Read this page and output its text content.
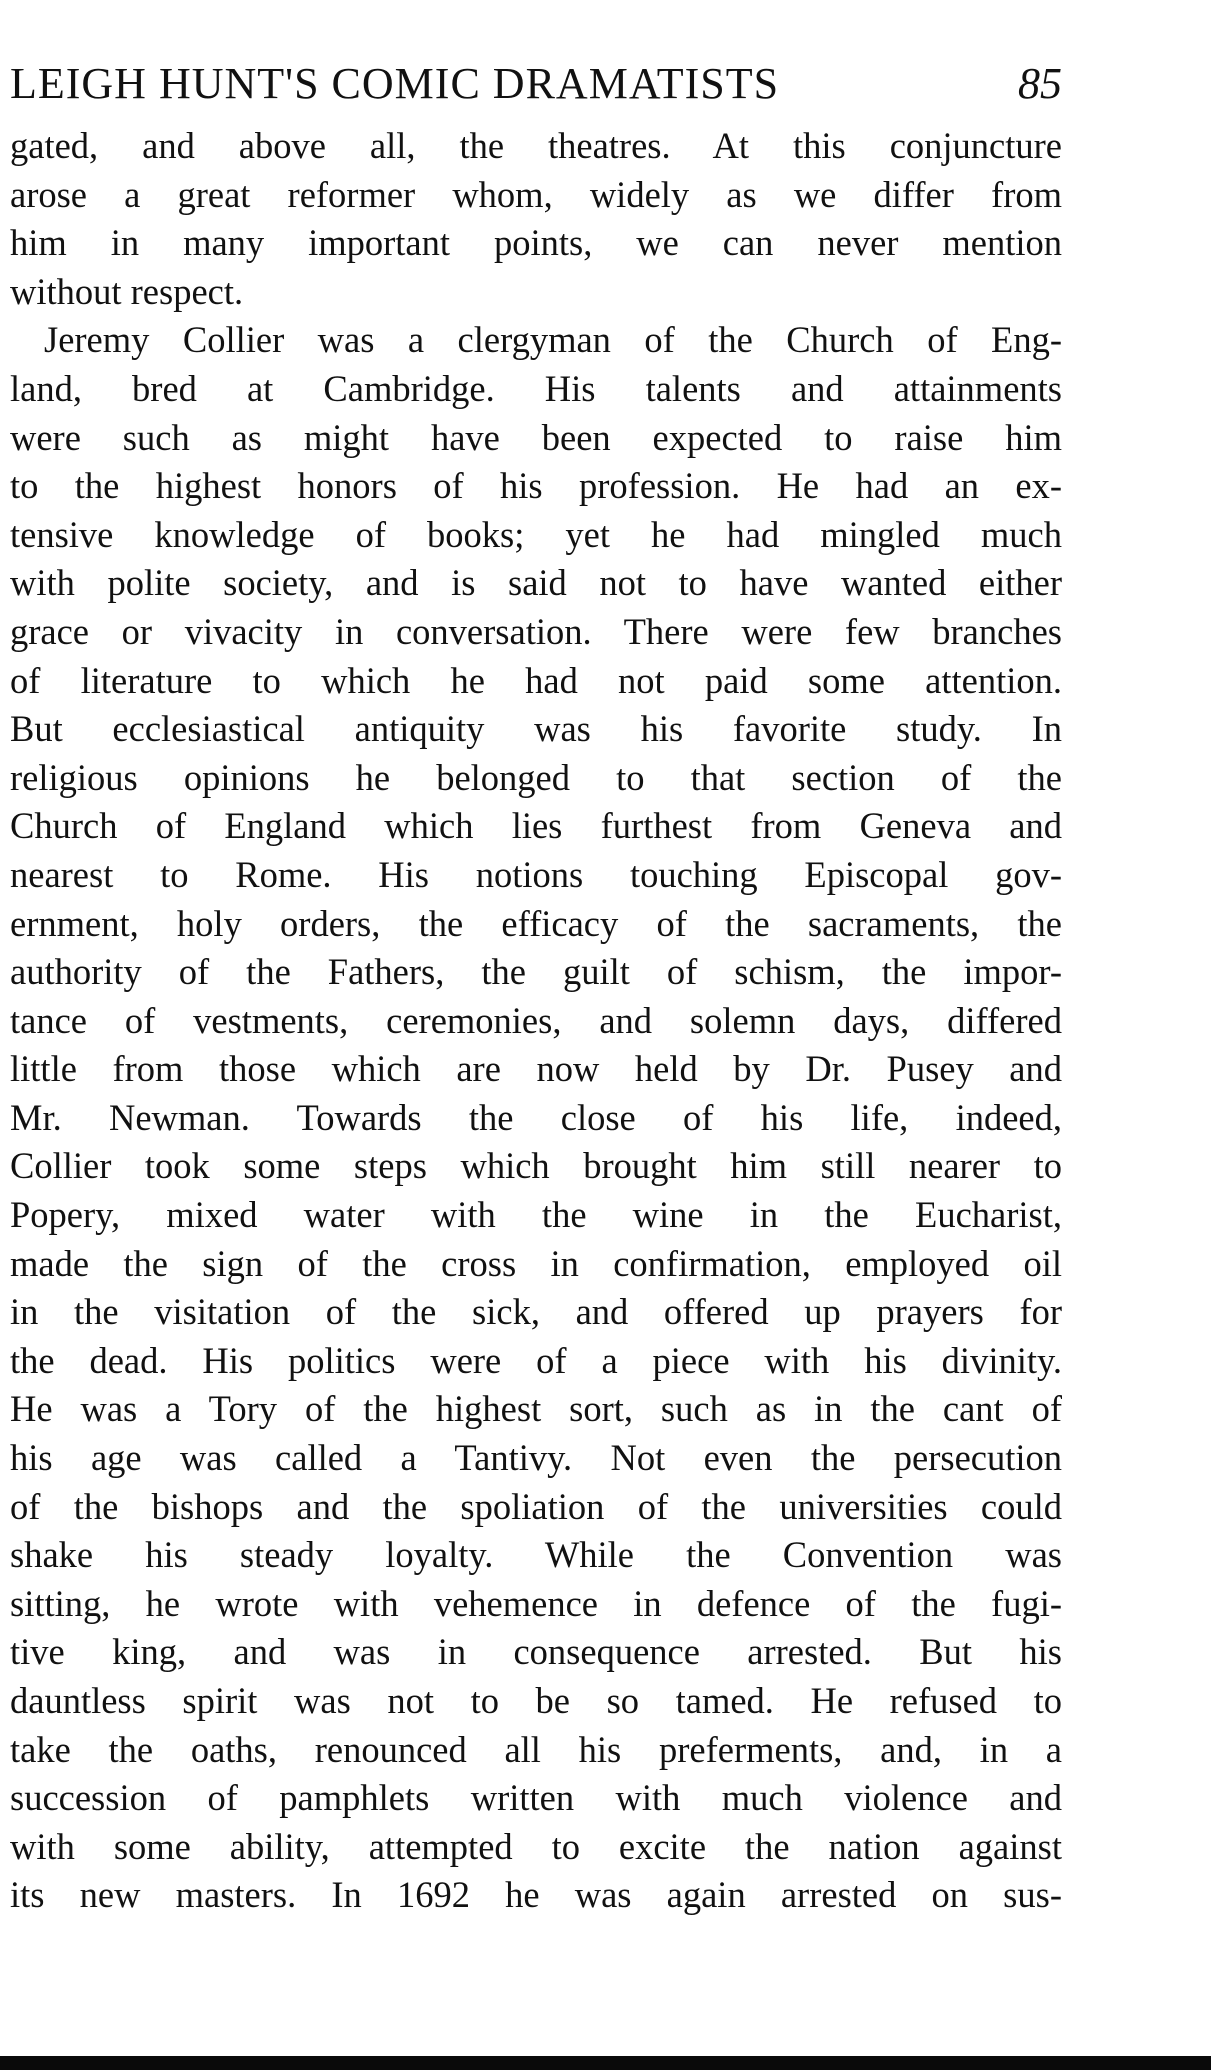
LEIGH HUNT'S COMIC DRAMATISTS	85
gated, and above all, the theatres. At this conjuncture
arose a great reformer whom, widely as we differ from
him in many important points, we can never mention
without respect.
Jeremy Collier was a clergyman of the Church of Eng-
land, bred at Cambridge. His talents and attainments
were such as might have been expected to raise him
to the highest honors of his profession. He had an ex-
tensive knowledge of books; yet he had mingled much
with polite society, and is said not to have wanted either
grace or vivacity in conversation. There were few branches
of literature to which he had not paid some attention.
But ecclesiastical antiquity was his favorite study. In
religious opinions he belonged to that section of the
Church of England which lies furthest from Geneva and
nearest to Rome. His notions touching Episcopal gov-
ernment, holy orders, the efficacy of the sacraments, the
authority of the Fathers, the guilt of schism, the impor-
tance of vestments, ceremonies, and solemn days, differed
little from those which are now held by Dr. Pusey and
Mr. Newman. Towards the close of his life, indeed,
Collier took some steps which brought him still nearer to
Popery, mixed water with the wine in the Eucharist,
made the sign of the cross in confirmation, employed oil
in the visitation of the sick, and offered up prayers for
the dead. His politics were of a piece with his divinity.
He was a Tory of the highest sort, such as in the cant of
his age was called a Tantivy. Not even the persecution
of the bishops and the spoliation of the universities could
shake his steady loyalty. While the Convention was
sitting, he wrote with vehemence in defence of the fugi-
tive king, and was in consequence arrested. But his
dauntless spirit was not to be so tamed. He refused to
take the oaths, renounced all his preferments, and, in a
succession of pamphlets written with much violence and
with some ability, attempted to excite the nation against
its new masters. In 1692 he was again arrested on sus-
